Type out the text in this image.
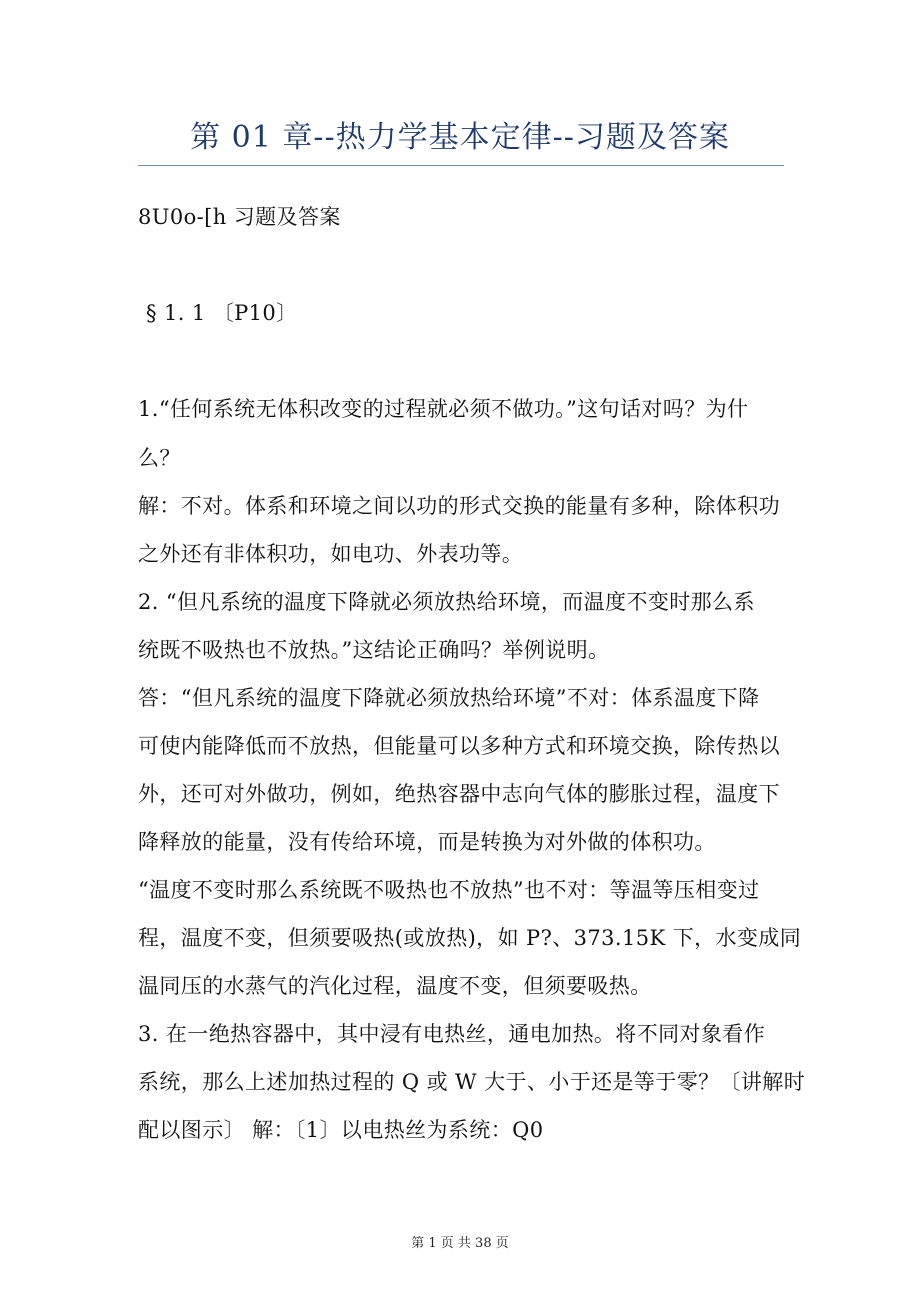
第 01 章--热力学基本定律--习题及答案
8U0o-[h 习题及答案
§ 1. 1 〔P10〕
1.“任何系统无体积改变的过程就必须不做功。”这句话对吗？为什
么？
解：不对。体系和环境之间以功的形式交换的能量有多种，除体积功
之外还有非体积功，如电功、外表功等。
2. “但凡系统的温度下降就必须放热给环境，而温度不变时那么系
统既不吸热也不放热。”这结论正确吗？举例说明。
答：“但凡系统的温度下降就必须放热给环境”不对：体系温度下降
可使内能降低而不放热，但能量可以多种方式和环境交换，除传热以
外，还可对外做功，例如，绝热容器中志向气体的膨胀过程，温度下
降释放的能量，没有传给环境，而是转换为对外做的体积功。
“温度不变时那么系统既不吸热也不放热”也不对：等温等压相变过
程，温度不变，但须要吸热(或放热)，如 P?、373.15K 下，水变成同
温同压的水蒸气的汽化过程，温度不变，但须要吸热。
3. 在一绝热容器中，其中浸有电热丝，通电加热。将不同对象看作
系统，那么上述加热过程的 Q 或 W 大于、小于还是等于零？〔讲解时
配以图示〕 解：〔1〕以电热丝为系统：Q0
第 1 页 共 38 页
